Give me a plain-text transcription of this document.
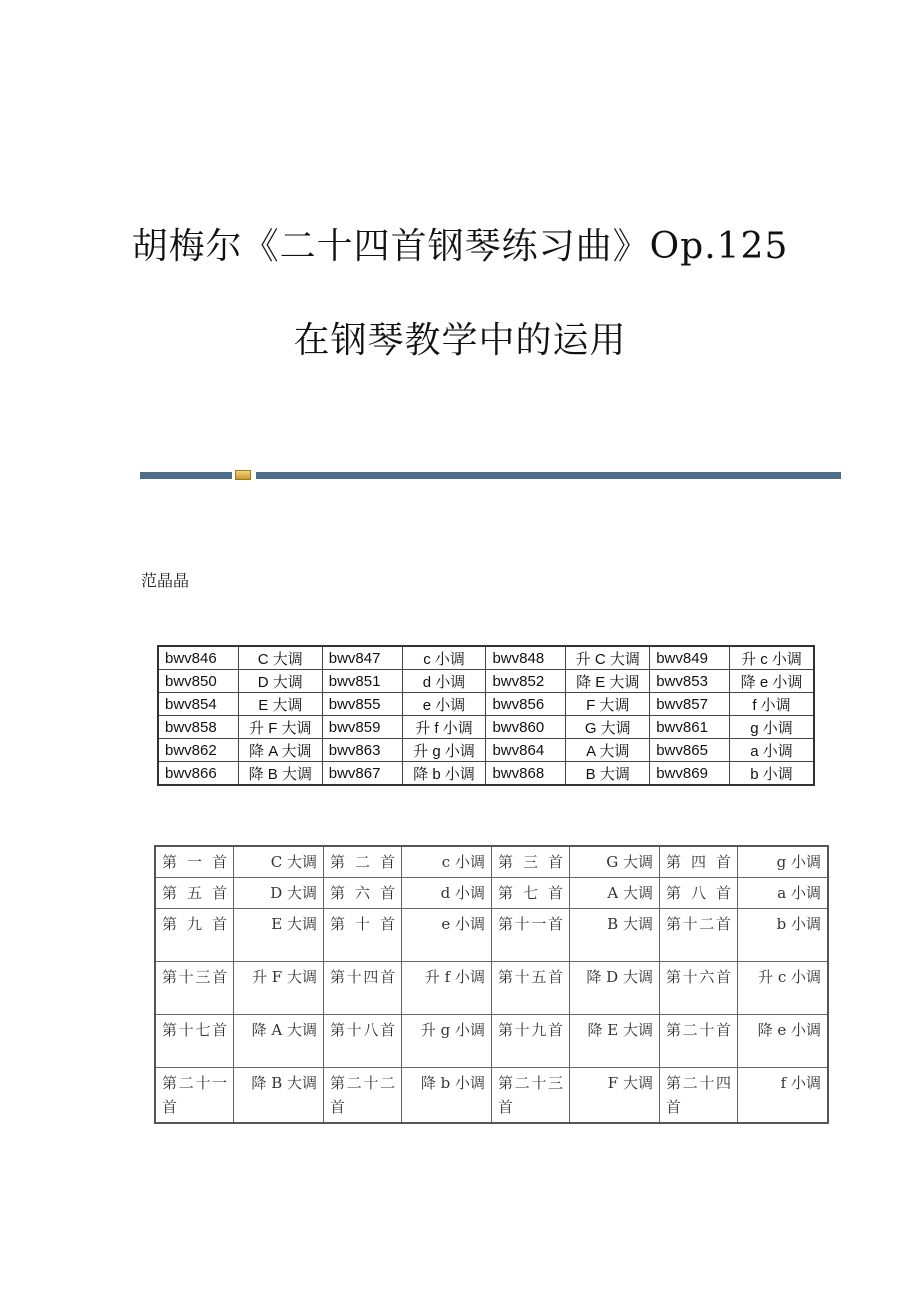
胡梅尔《二十四首钢琴练习曲》Op.125
在钢琴教学中的运用
范晶晶
bwv846	C 大调	bwv847	c 小调	bwv848	升 C 大调	bwv849	升 c 小调
bwv850	D 大调	bwv851	d 小调	bwv852	降 E 大调	bwv853	降 e 小调
bwv854	E 大调	bwv855	e 小调	bwv856	F 大调	bwv857	f 小调
bwv858	升 F 大调	bwv859	升 f 小调	bwv860	G 大调	bwv861	g 小调
bwv862	降 A 大调	bwv863	升 g 小调	bwv864	A 大调	bwv865	a 小调
bwv866	降 B 大调	bwv867	降 b 小调	bwv868	B 大调	bwv869	b 小调
第一首	C 大调	第二首	c 小调	第三首	G 大调	第四首	g 小调
第五首	D 大调	第六首	d 小调	第七首	A 大调	第八首	a 小调
第九首	E 大调	第十首	e 小调	第十一首	B 大调	第十二首	b 小调
第十三首	升 F 大调	第十四首	升 f 小调	第十五首	降 D 大调	第十六首	升 c 小调
第十七首	降 A 大调	第十八首	升 g 小调	第十九首	降 E 大调	第二十首	降 e 小调
第二十一首	降 B 大调	第二十二首	降 b 小调	第二十三首	F 大调	第二十四首	f 小调
